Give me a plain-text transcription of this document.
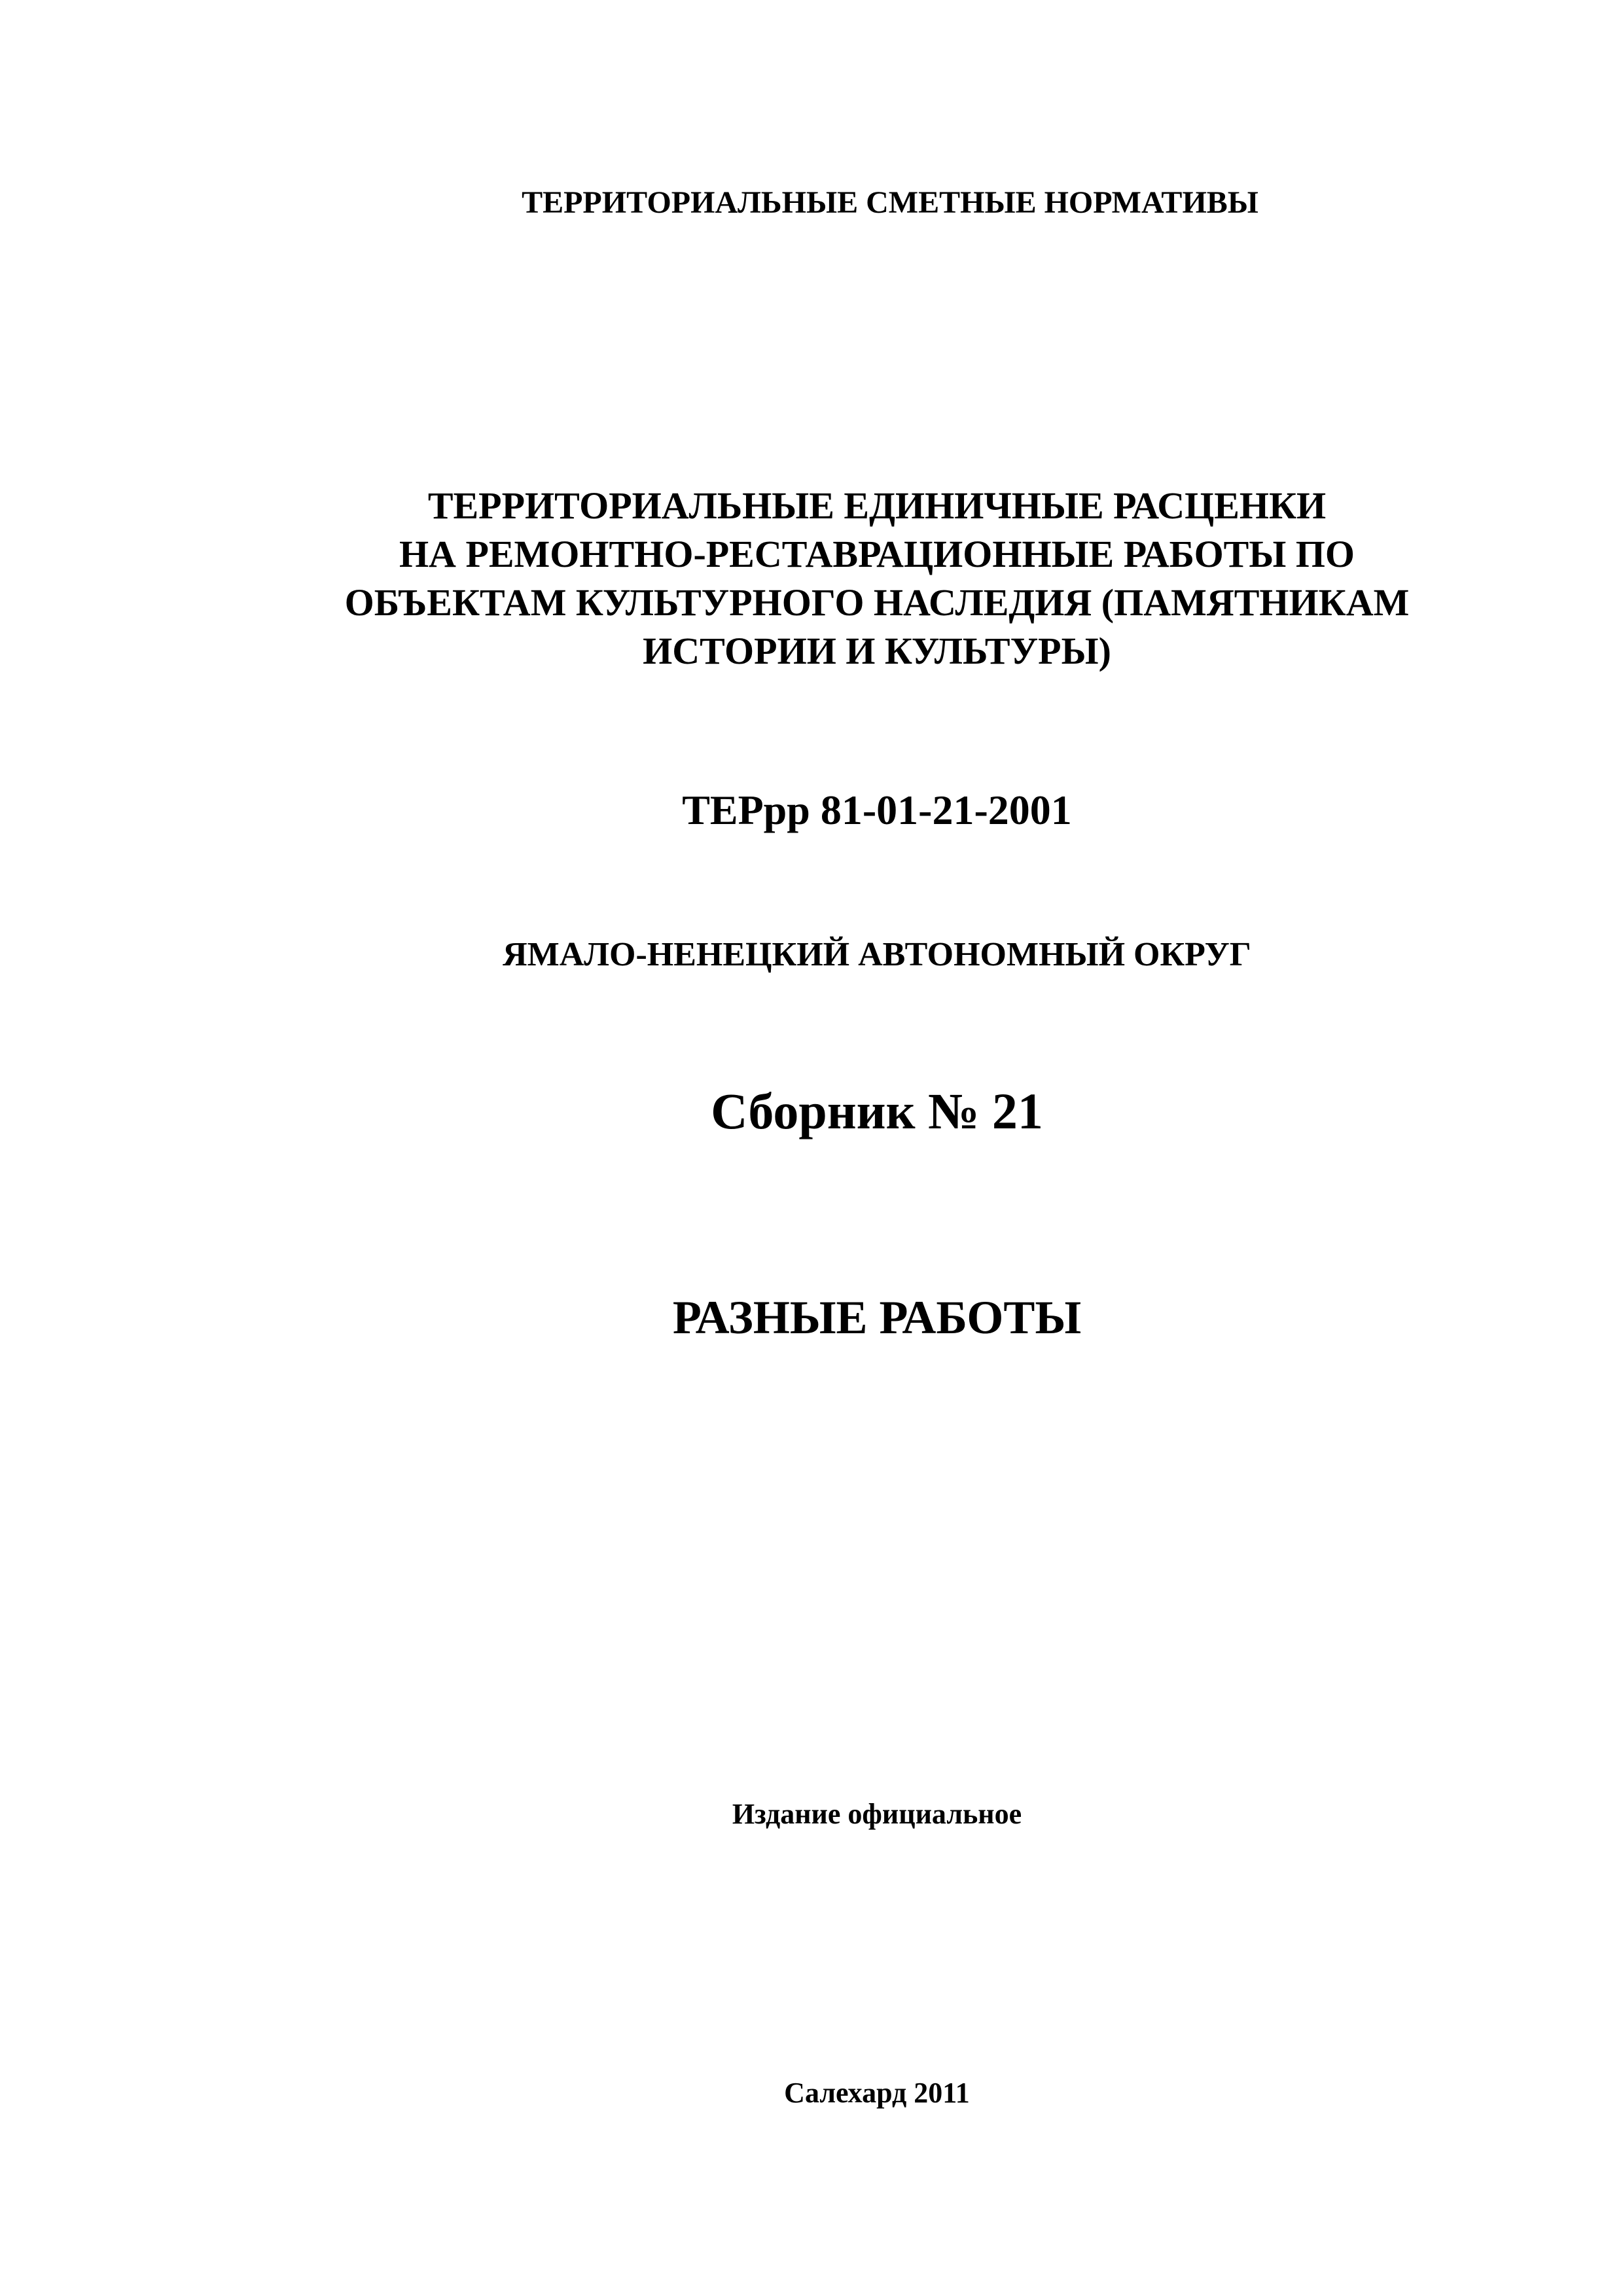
ТЕРРИТОРИАЛЬНЫЕ СМЕТНЫЕ НОРМАТИВЫ

ТЕРРИТОРИАЛЬНЫЕ ЕДИНИЧНЫЕ РАСЦЕНКИ
НА РЕМОНТНО-РЕСТАВРАЦИОННЫЕ РАБОТЫ ПО
ОБЪЕКТАМ КУЛЬТУРНОГО НАСЛЕДИЯ (ПАМЯТНИКАМ
ИСТОРИИ И КУЛЬТУРЫ)

ТЕРрр 81-01-21-2001

ЯМАЛО-НЕНЕЦКИЙ АВТОНОМНЫЙ ОКРУГ

Сборник № 21

РАЗНЫЕ РАБОТЫ

Издание официальное

Салехард 2011
